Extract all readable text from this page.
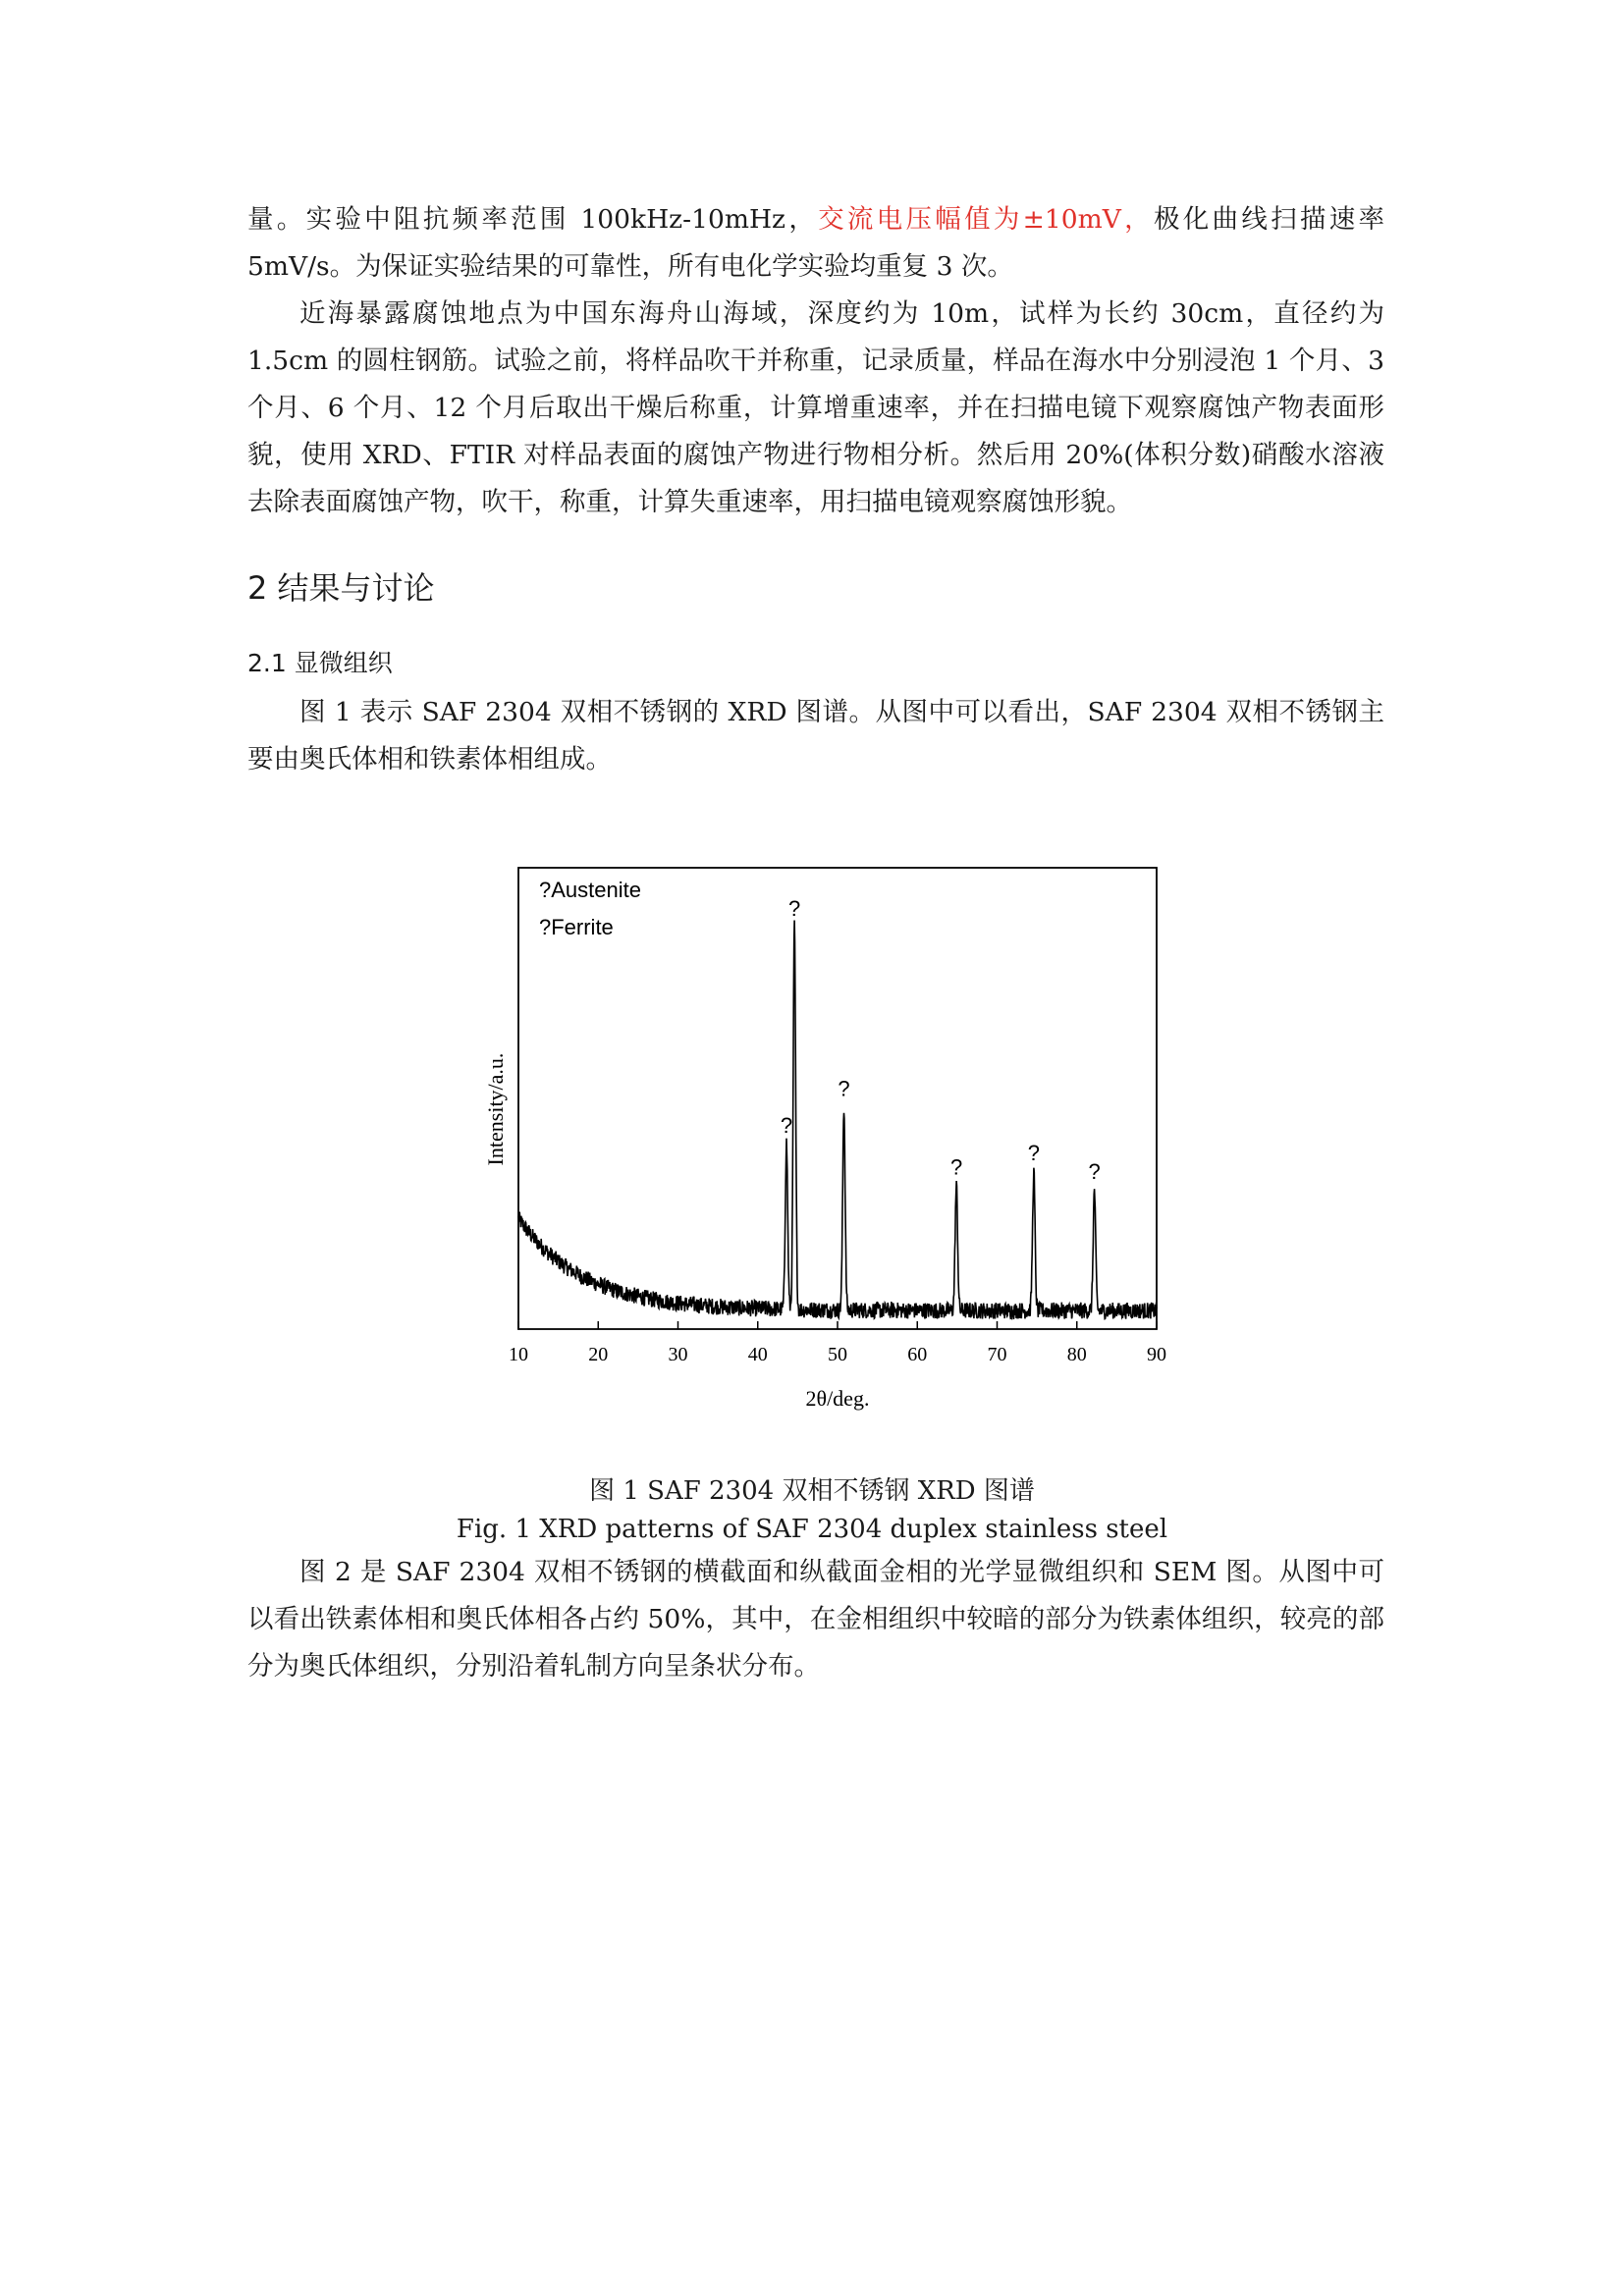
量。实验中阻抗频率范围 100kHz-10mHz，交流电压幅值为±10mV，极化曲线扫描速率 5mV/s。为保证实验结果的可靠性，所有电化学实验均重复 3 次。

近海暴露腐蚀地点为中国东海舟山海域，深度约为 10m，试样为长约 30cm，直径约为 1.5cm 的圆柱钢筋。试验之前，将样品吹干并称重，记录质量，样品在海水中分别浸泡 1 个月、3 个月、6 个月、12 个月后取出干燥后称重，计算增重速率，并在扫描电镜下观察腐蚀产物表面形貌，使用 XRD、FTIR 对样品表面的腐蚀产物进行物相分析。然后用 20%(体积分数)硝酸水溶液去除表面腐蚀产物，吹干，称重，计算失重速率，用扫描电镜观察腐蚀形貌。

2 结果与讨论
2.1 显微组织

图 1 表示 SAF 2304 双相不锈钢的 XRD 图谱。从图中可以看出，SAF 2304 双相不锈钢主要由奥氏体相和铁素体相组成。

?
?
?
?
?
?
10	20	30	40	50	60	70	80	90
?Austenite
?Ferrite
Intensity/a.u.
2θ/deg.
图 1 SAF 2304 双相不锈钢 XRD 图谱
Fig. 1 XRD patterns of SAF 2304 duplex stainless steel

图 2 是 SAF 2304 双相不锈钢的横截面和纵截面金相的光学显微组织和 SEM 图。从图中可以看出铁素体相和奥氏体相各占约 50%，其中，在金相组织中较暗的部分为铁素体组织，较亮的部分为奥氏体组织，分别沿着轧制方向呈条状分布。
